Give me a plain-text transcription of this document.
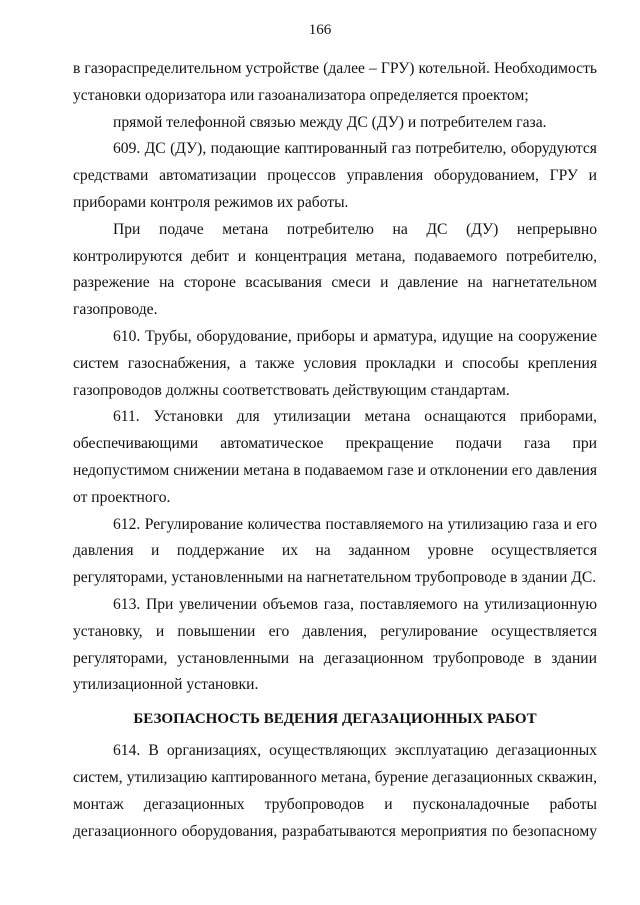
166

в газораспределительном устройстве (далее – ГРУ) котельной. Необходимость установки одоризатора или газоанализатора определяется проектом;

прямой телефонной связью между ДС (ДУ) и потребителем газа.

609. ДС (ДУ), подающие каптированный газ потребителю, оборудуются средствами автоматизации процессов управления оборудованием, ГРУ и приборами контроля режимов их работы.

При подаче метана потребителю на ДС (ДУ) непрерывно контролируются дебит и концентрация метана, подаваемого потребителю, разрежение на стороне всасывания смеси и давление на нагнетательном газопроводе.

610. Трубы, оборудование, приборы и арматура, идущие на сооружение систем газоснабжения, а также условия прокладки и способы крепления газопроводов должны соответствовать действующим стандартам.

611. Установки для утилизации метана оснащаются приборами, обеспечивающими автоматическое прекращение подачи газа при недопустимом снижении метана в подаваемом газе и отклонении его давления от проектного.

612. Регулирование количества поставляемого на утилизацию газа и его давления и поддержание их на заданном уровне осуществляется регуляторами, установленными на нагнетательном трубопроводе в здании ДС.

613. При увеличении объемов газа, поставляемого на утилизационную установку, и повышении его давления, регулирование осуществляется регуляторами, установленными на дегазационном трубопроводе в здании утилизационной установки.

БЕЗОПАСНОСТЬ ВЕДЕНИЯ ДЕГАЗАЦИОННЫХ РАБОТ

614. В организациях, осуществляющих эксплуатацию дегазационных систем, утилизацию каптированного метана, бурение дегазационных скважин, монтаж дегазационных трубопроводов и пусконаладочные работы дегазационного оборудования, разрабатываются мероприятия по безопасному
